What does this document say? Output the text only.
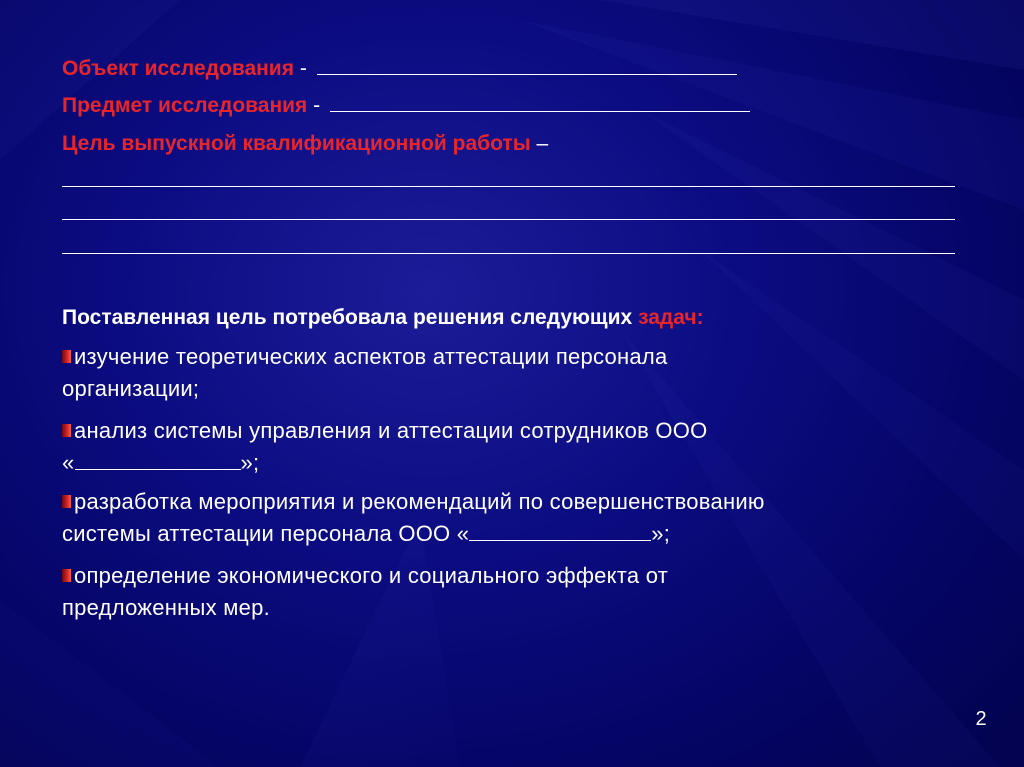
Объект исследования -
Предмет исследования -
Цель выпускной квалификационной работы –
Поставленная цель потребовала решения следующих задач:
изучение теоретических аспектов аттестации персонала
организации;
анализ системы управления и аттестации сотрудников ООО
«	»;
разработка мероприятия и рекомендаций по совершенствованию
системы аттестации персонала ООО «	»;
определение экономического и социального эффекта от
предложенных мер.
2
